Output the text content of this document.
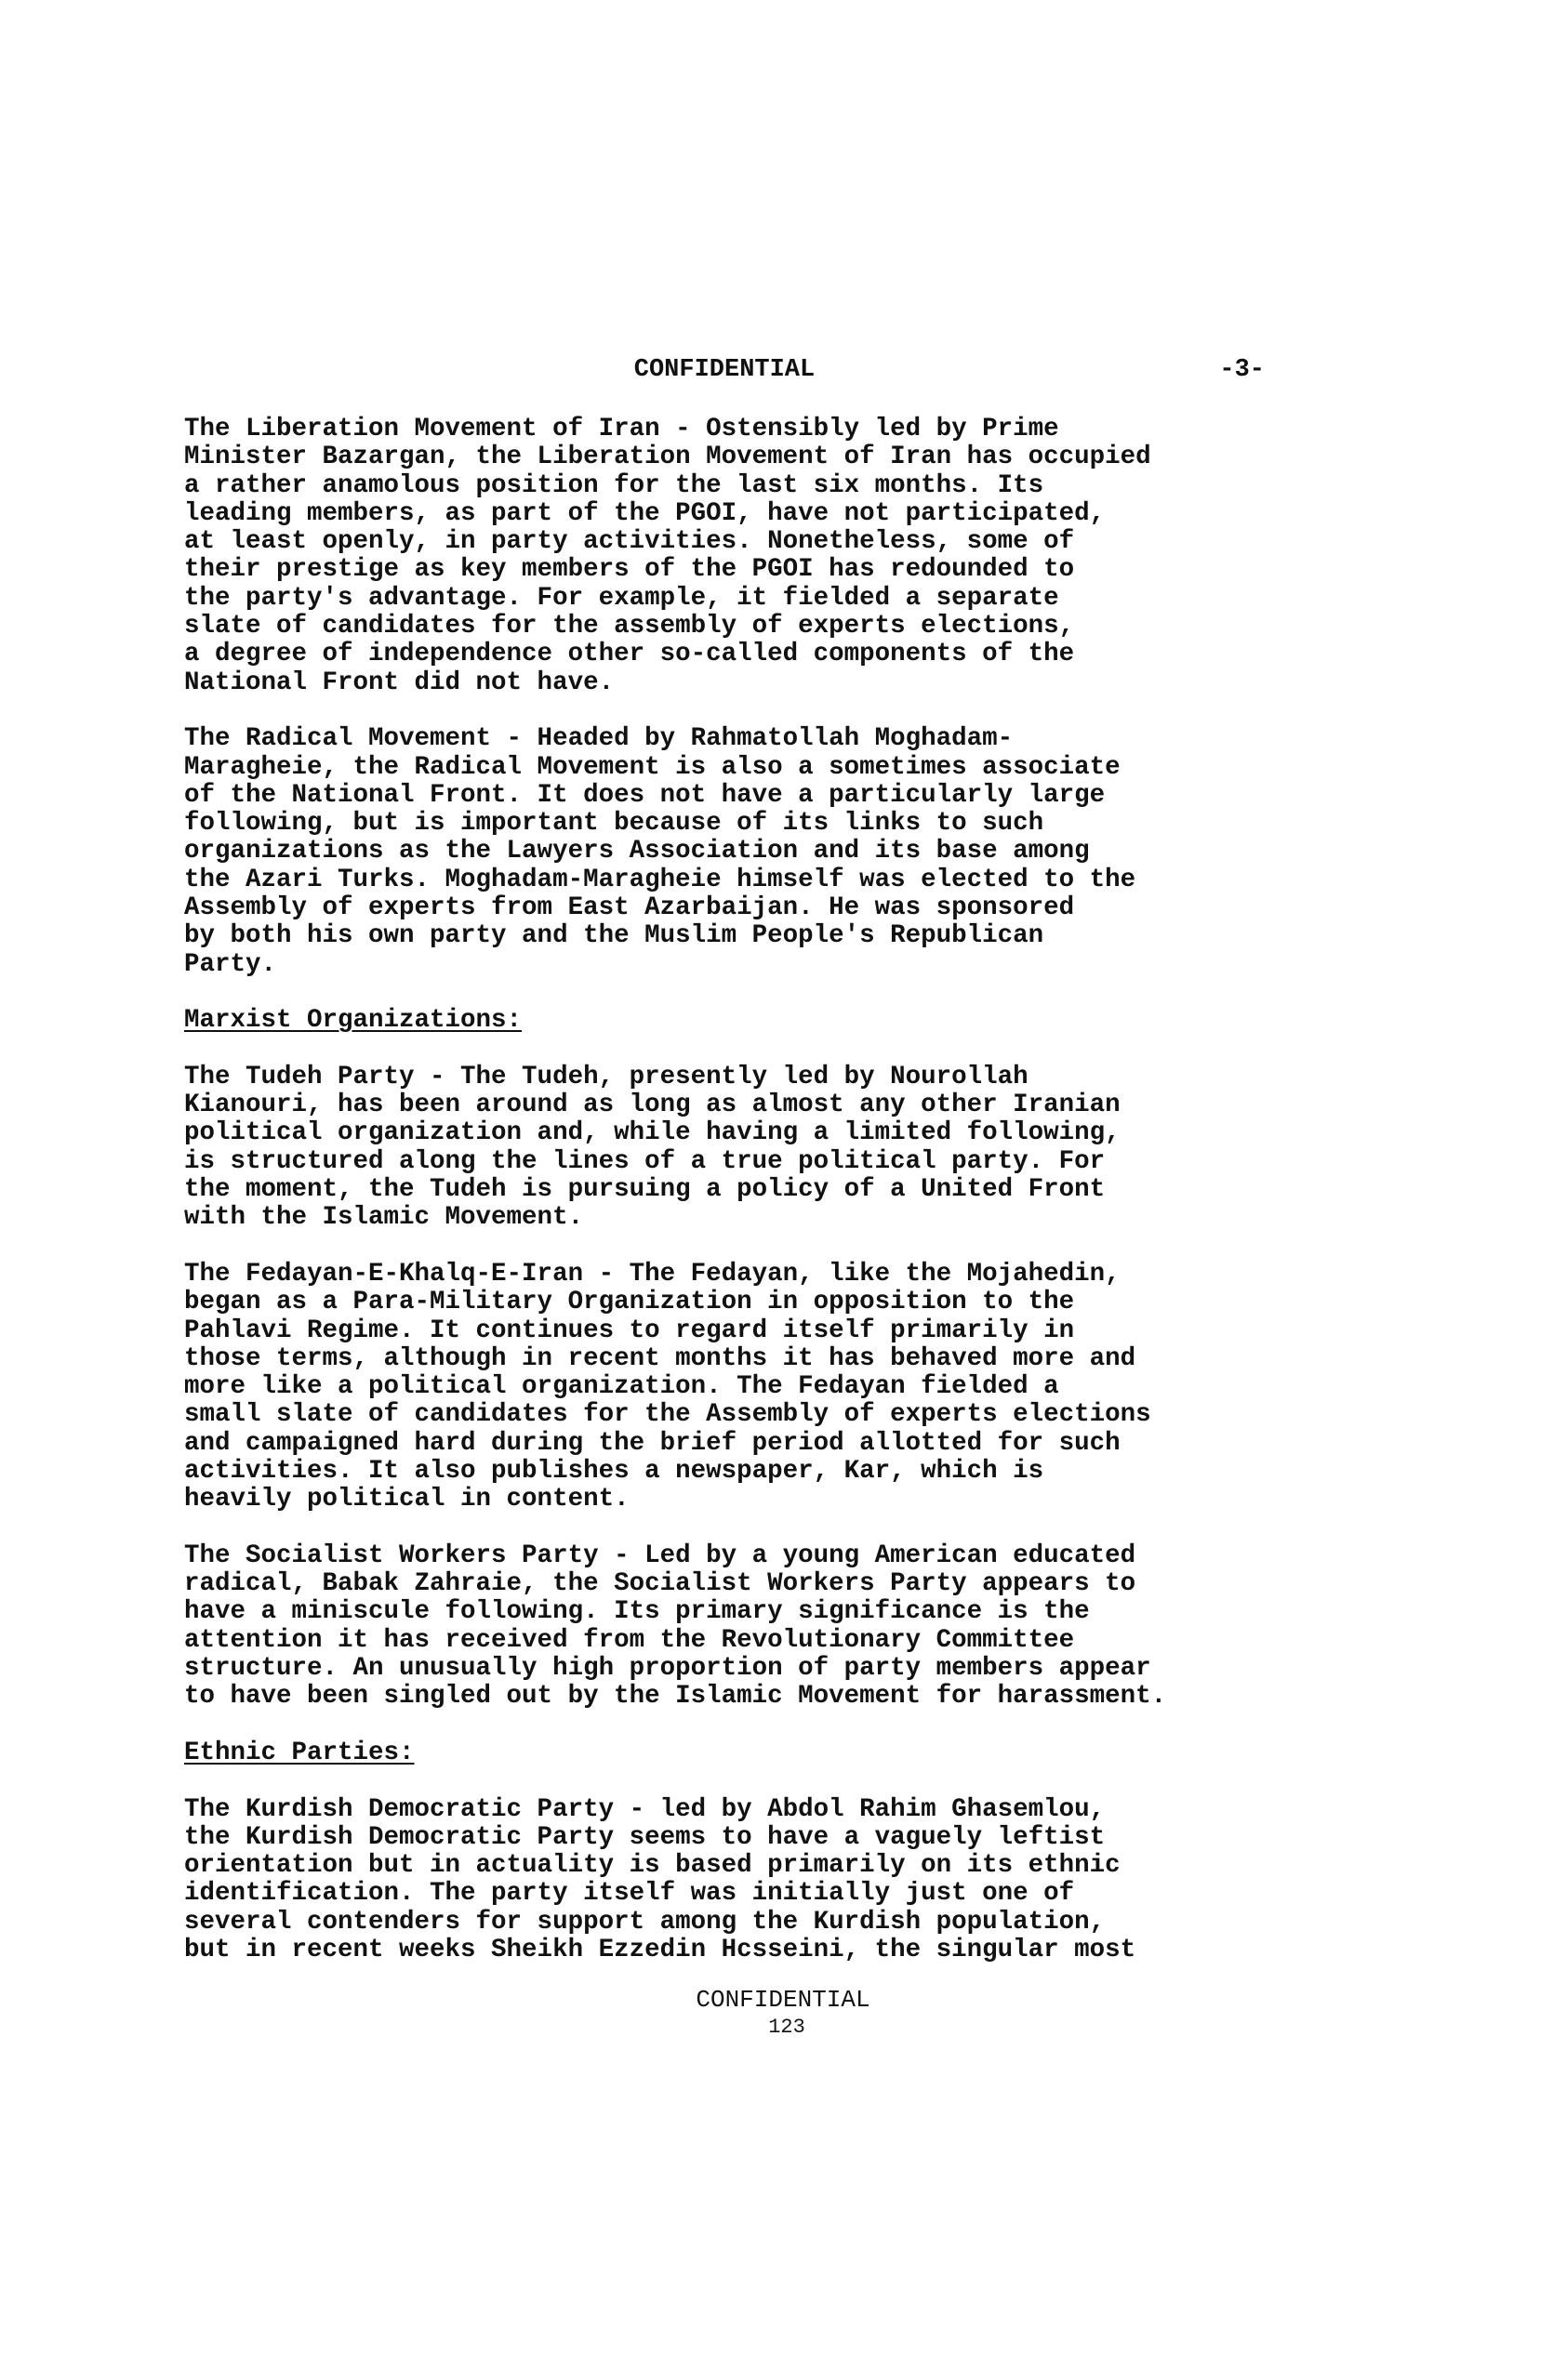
CONFIDENTIAL	-3-

The Liberation Movement of Iran - Ostensibly led by Prime
Minister Bazargan, the Liberation Movement of Iran has occupied
a rather anamolous position for the last six months. Its
leading members, as part of the PGOI, have not participated,
at least openly, in party activities. Nonetheless, some of
their prestige as key members of the PGOI has redounded to
the party's advantage. For example, it fielded a separate
slate of candidates for the assembly of experts elections,
a degree of independence other so-called components of the
National Front did not have.

The Radical Movement - Headed by Rahmatollah Moghadam-
Maragheie, the Radical Movement is also a sometimes associate
of the National Front. It does not have a particularly large
following, but is important because of its links to such
organizations as the Lawyers Association and its base among
the Azari Turks. Moghadam-Maragheie himself was elected to the
Assembly of experts from East Azarbaijan. He was sponsored
by both his own party and the Muslim People's Republican
Party.

Marxist Organizations:

The Tudeh Party - The Tudeh, presently led by Nourollah
Kianouri, has been around as long as almost any other Iranian
political organization and, while having a limited following,
is structured along the lines of a true political party. For
the moment, the Tudeh is pursuing a policy of a United Front
with the Islamic Movement.

The Fedayan-E-Khalq-E-Iran - The Fedayan, like the Mojahedin,
began as a Para-Military Organization in opposition to the
Pahlavi Regime. It continues to regard itself primarily in
those terms, although in recent months it has behaved more and
more like a political organization. The Fedayan fielded a
small slate of candidates for the Assembly of experts elections
and campaigned hard during the brief period allotted for such
activities. It also publishes a newspaper, Kar, which is
heavily political in content.

The Socialist Workers Party - Led by a young American educated
radical, Babak Zahraie, the Socialist Workers Party appears to
have a miniscule following. Its primary significance is the
attention it has received from the Revolutionary Committee
structure. An unusually high proportion of party members appear
to have been singled out by the Islamic Movement for harassment.

Ethnic Parties:

The Kurdish Democratic Party - led by Abdol Rahim Ghasemlou,
the Kurdish Democratic Party seems to have a vaguely leftist
orientation but in actuality is based primarily on its ethnic
identification. The party itself was initially just one of
several contenders for support among the Kurdish population,
but in recent weeks Sheikh Ezzedin Hcsseini, the singular most

CONFIDENTIAL
123
